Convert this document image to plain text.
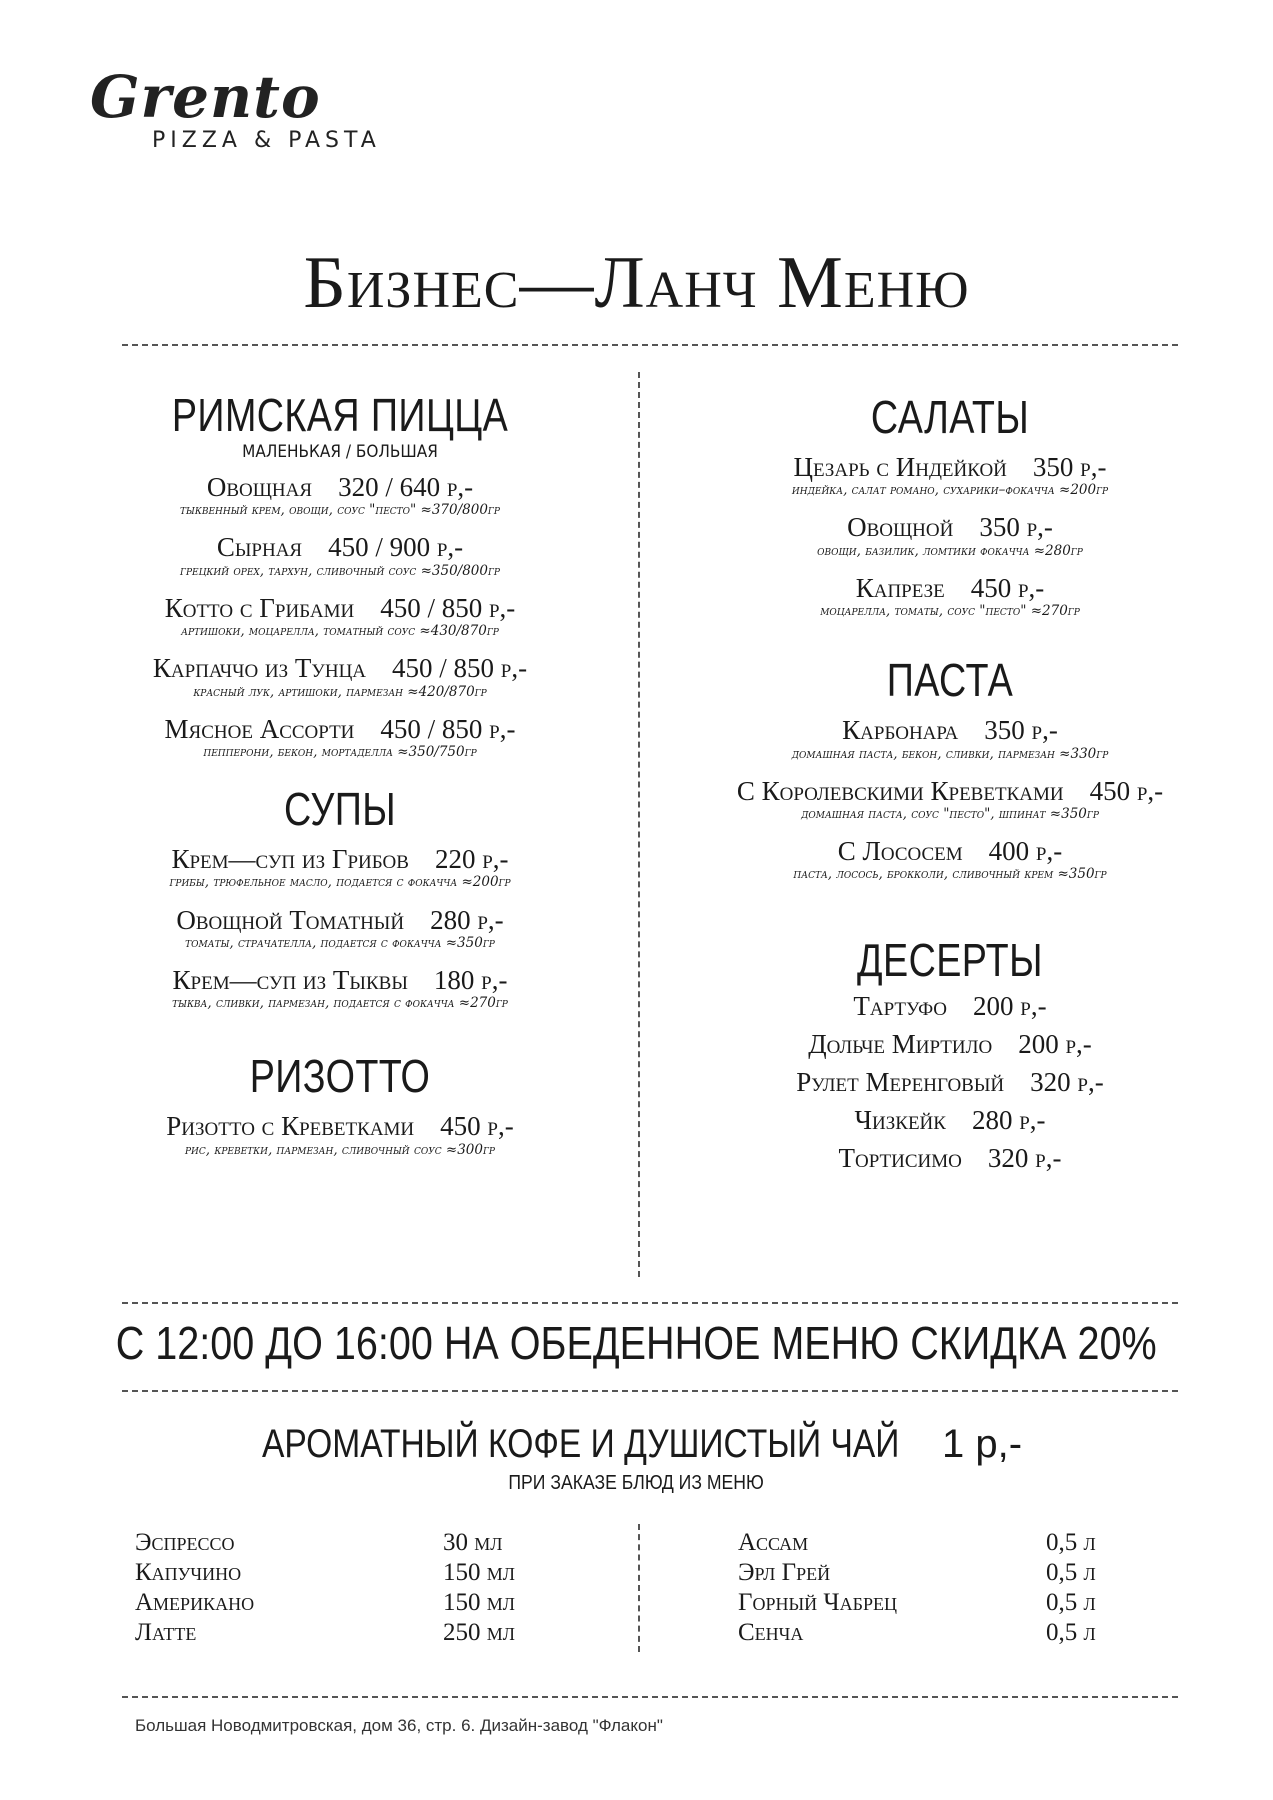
Grento
PIZZA & PASTA
Бизнес—Ланч Меню
РИМСКАЯ ПИЦЦА
МАЛЕНЬКАЯ / БОЛЬШАЯ
Овощная 320 / 640 р,-
тыквенный крем, овощи, соус "песто" ≈370/800гр
Сырная 450 / 900 р,-
грецкий орех, тархун, сливочный соус ≈350/800гр
Котто с Грибами 450 / 850 р,-
артишоки, моцарелла, томатный соус ≈430/870гр
Карпаччо из Тунца 450 / 850 р,-
красный лук, артишоки, пармезан ≈420/870гр
Мясное Ассорти 450 / 850 р,-
пепперони, бекон, мортаделла ≈350/750гр
СУПЫ
Крем—суп из Грибов 220 р,-
грибы, трюфельное масло, подается с фокачча ≈200гр
Овощной Томатный 280 р,-
томаты, страчателла, подается с фокачча ≈350гр
Крем—суп из Тыквы 180 р,-
тыква, сливки, пармезан, подается с фокачча ≈270гр
РИЗОТТО
Ризотто с Креветками 450 р,-
рис, креветки, пармезан, сливочный соус ≈300гр
САЛАТЫ
Цезарь с Индейкой 350 р,-
индейка, салат романо, сухарики–фокачча ≈200гр
Овощной 350 р,-
овощи, базилик, ломтики фокачча ≈280гр
Капрезе 450 р,-
моцарелла, томаты, соус "песто" ≈270гр
ПАСТА
Карбонара 350 р,-
домашная паста, бекон, сливки, пармезан ≈330гр
С Королевскими Креветками 450 р,-
домашная паста, соус "песто", шпинат ≈350гр
С Лососем 400 р,-
паста, лосось, брокколи, сливочный крем ≈350гр
ДЕСЕРТЫ
Тартуфо 200 р,-
Дольче Миртило 200 р,-
Рулет Меренговый 320 р,-
Чизкейк 280 р,-
Тортисимо 320 р,-
С 12:00 ДО 16:00 НА ОБЕДЕННОЕ МЕНЮ СКИДКА 20%
АРОМАТНЫЙ КОФЕ И ДУШИСТЫЙ ЧАЙ 1 р,-
ПРИ ЗАКАЗЕ БЛЮД ИЗ МЕНЮ
Эспрессо	30 мл
Капучино	150 мл
Американо	150 мл
Латте	250 мл
Ассам	0,5 л
Эрл Грей	0,5 л
Горный Чабрец	0,5 л
Сенча	0,5 л
Большая Новодмитровская, дом 36, стр. 6. Дизайн-завод "Флакон"
